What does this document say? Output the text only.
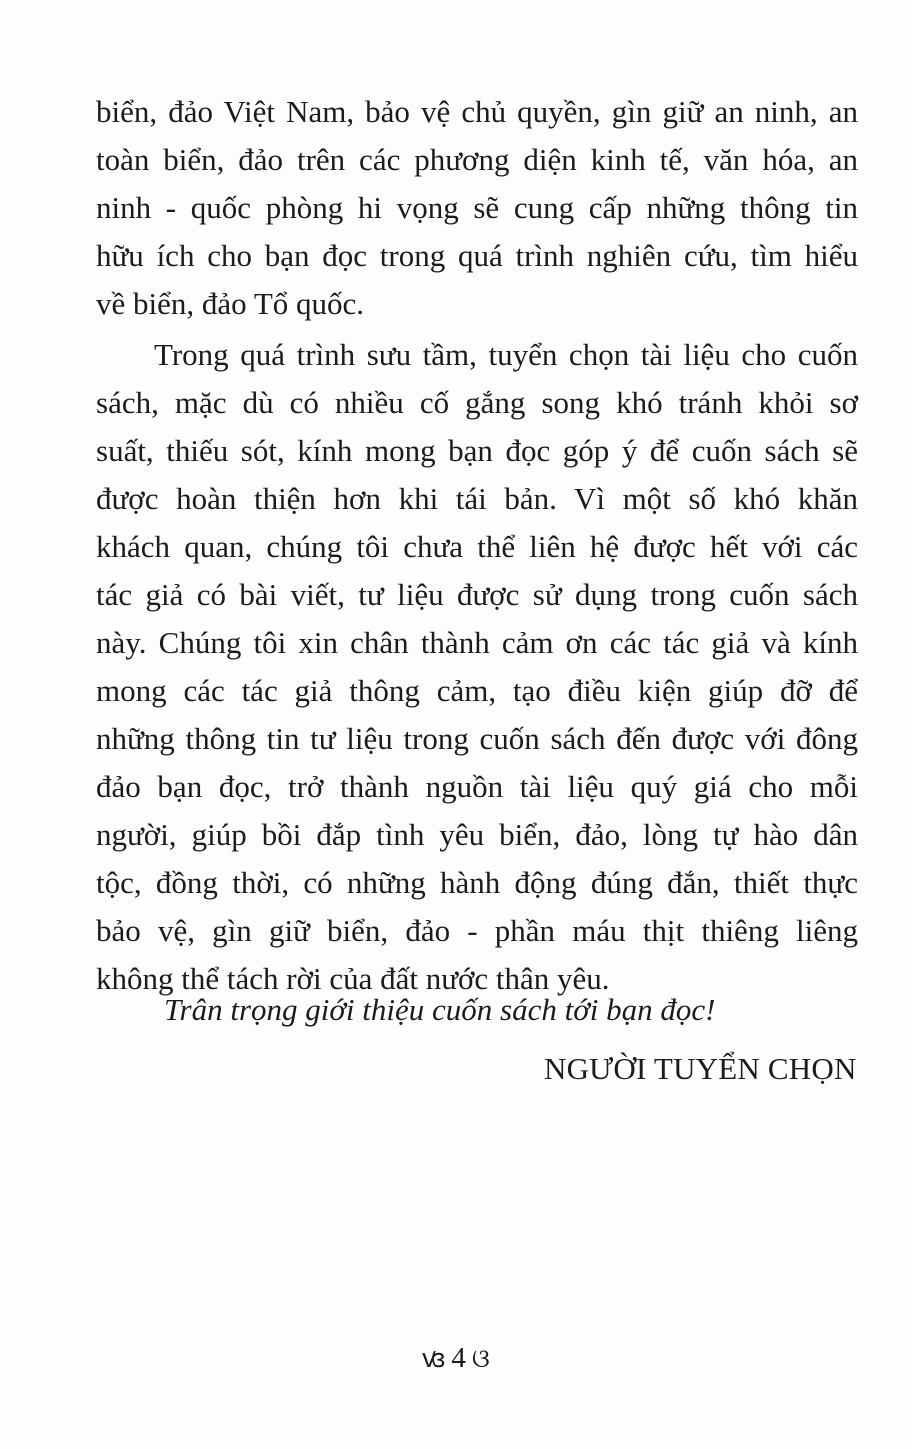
biển, đảo Việt Nam, bảo vệ chủ quyền, gìn giữ an ninh, an
toàn biển, đảo trên các phương diện kinh tế, văn hóa, an
ninh - quốc phòng hi vọng sẽ cung cấp những thông tin
hữu ích cho bạn đọc trong quá trình nghiên cứu, tìm hiểu
về biển, đảo Tổ quốc.
Trong quá trình sưu tầm, tuyển chọn tài liệu cho cuốn
sách, mặc dù có nhiều cố gắng song khó tránh khỏi sơ
suất, thiếu sót, kính mong bạn đọc góp ý để cuốn sách sẽ
được hoàn thiện hơn khi tái bản. Vì một số khó khăn
khách quan, chúng tôi chưa thể liên hệ được hết với các
tác giả có bài viết, tư liệu được sử dụng trong cuốn sách
này. Chúng tôi xin chân thành cảm ơn các tác giả và kính
mong các tác giả thông cảm, tạo điều kiện giúp đỡ để
những thông tin tư liệu trong cuốn sách đến được với đông
đảo bạn đọc, trở thành nguồn tài liệu quý giá cho mỗi
người, giúp bồi đắp tình yêu biển, đảo, lòng tự hào dân
tộc, đồng thời, có những hành động đúng đắn, thiết thực
bảo vệ, gìn giữ biển, đảo - phần máu thịt thiêng liêng
không thể tách rời của đất nước thân yêu.
Trân trọng giới thiệu cuốn sách tới bạn đọc!
NGƯỜI TUYỂN CHỌN
ꟃ 4 ଓ
